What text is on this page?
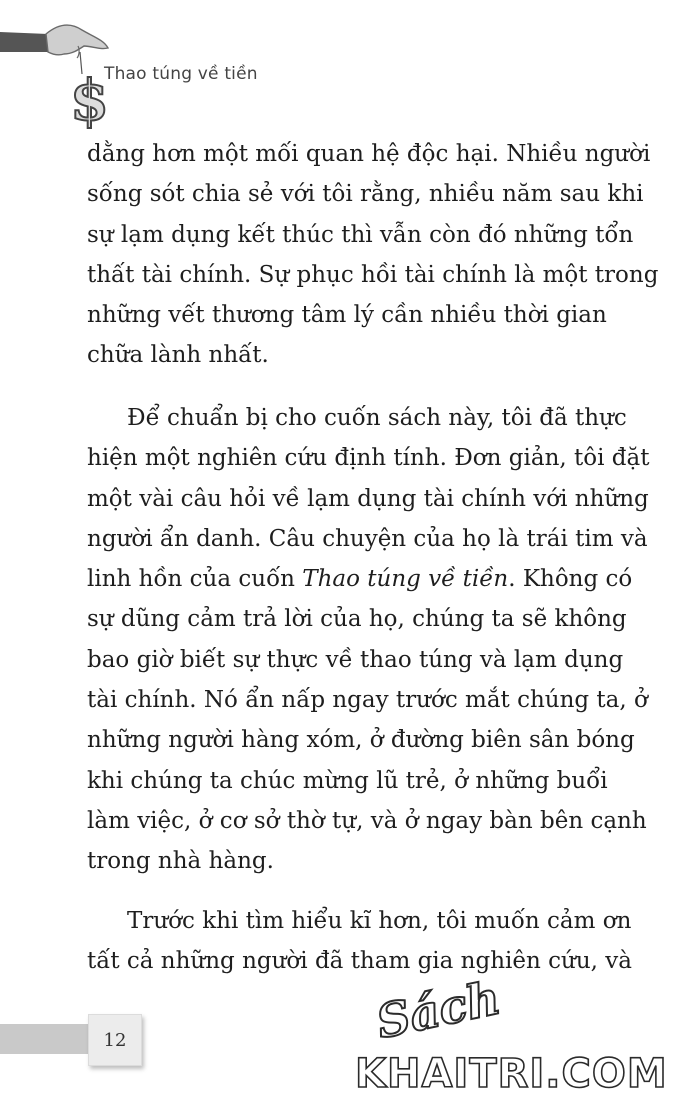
$
Thao túng về tiền
dằng hơn một mối quan hệ độc hại. Nhiều người
sống sót chia sẻ với tôi rằng, nhiều năm sau khi
sự lạm dụng kết thúc thì vẫn còn đó những tổn
thất tài chính. Sự phục hồi tài chính là một trong
những vết thương tâm lý cần nhiều thời gian
chữa lành nhất.
Để chuẩn bị cho cuốn sách này, tôi đã thực
hiện một nghiên cứu định tính. Đơn giản, tôi đặt
một vài câu hỏi về lạm dụng tài chính với những
người ẩn danh. Câu chuyện của họ là trái tim và
linh hồn của cuốn Thao túng về tiền. Không có
sự dũng cảm trả lời của họ, chúng ta sẽ không
bao giờ biết sự thực về thao túng và lạm dụng
tài chính. Nó ẩn nấp ngay trước mắt chúng ta, ở
những người hàng xóm, ở đường biên sân bóng
khi chúng ta chúc mừng lũ trẻ, ở những buổi
làm việc, ở cơ sở thờ tự, và ở ngay bàn bên cạnh
trong nhà hàng.
Trước khi tìm hiểu kĩ hơn, tôi muốn cảm ơn
tất cả những người đã tham gia nghiên cứu, và
12	Sách
KHAITRI.COM
